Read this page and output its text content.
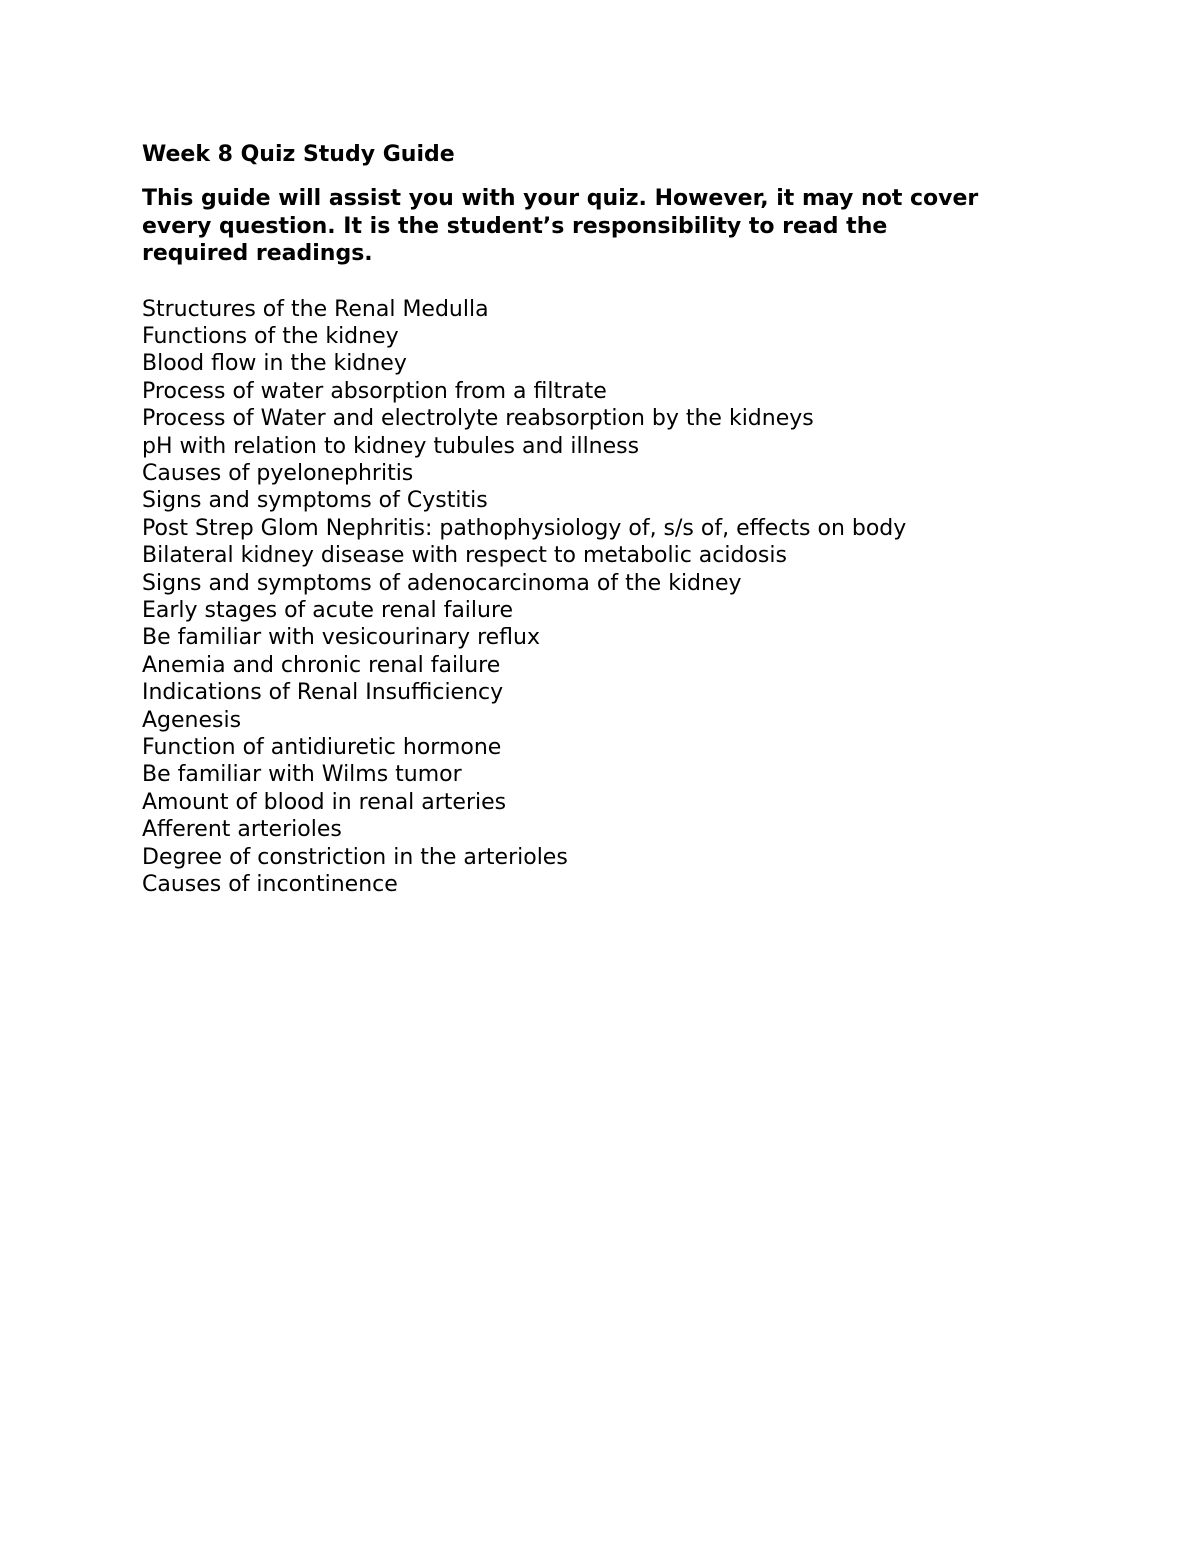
Week 8 Quiz Study Guide
This guide will assist you with your quiz. However, it may not cover
every question. It is the student’s responsibility to read the
required readings.
Structures of the Renal Medulla
Functions of the kidney
Blood flow in the kidney
Process of water absorption from a filtrate
Process of Water and electrolyte reabsorption by the kidneys
pH with relation to kidney tubules and illness
Causes of pyelonephritis
Signs and symptoms of Cystitis
Post Strep Glom Nephritis: pathophysiology of, s/s of, effects on body
Bilateral kidney disease with respect to metabolic acidosis
Signs and symptoms of adenocarcinoma of the kidney
Early stages of acute renal failure
Be familiar with vesicourinary reflux
Anemia and chronic renal failure
Indications of Renal Insufficiency
Agenesis
Function of antidiuretic hormone
Be familiar with Wilms tumor
Amount of blood in renal arteries
Afferent arterioles
Degree of constriction in the arterioles
Causes of incontinence
